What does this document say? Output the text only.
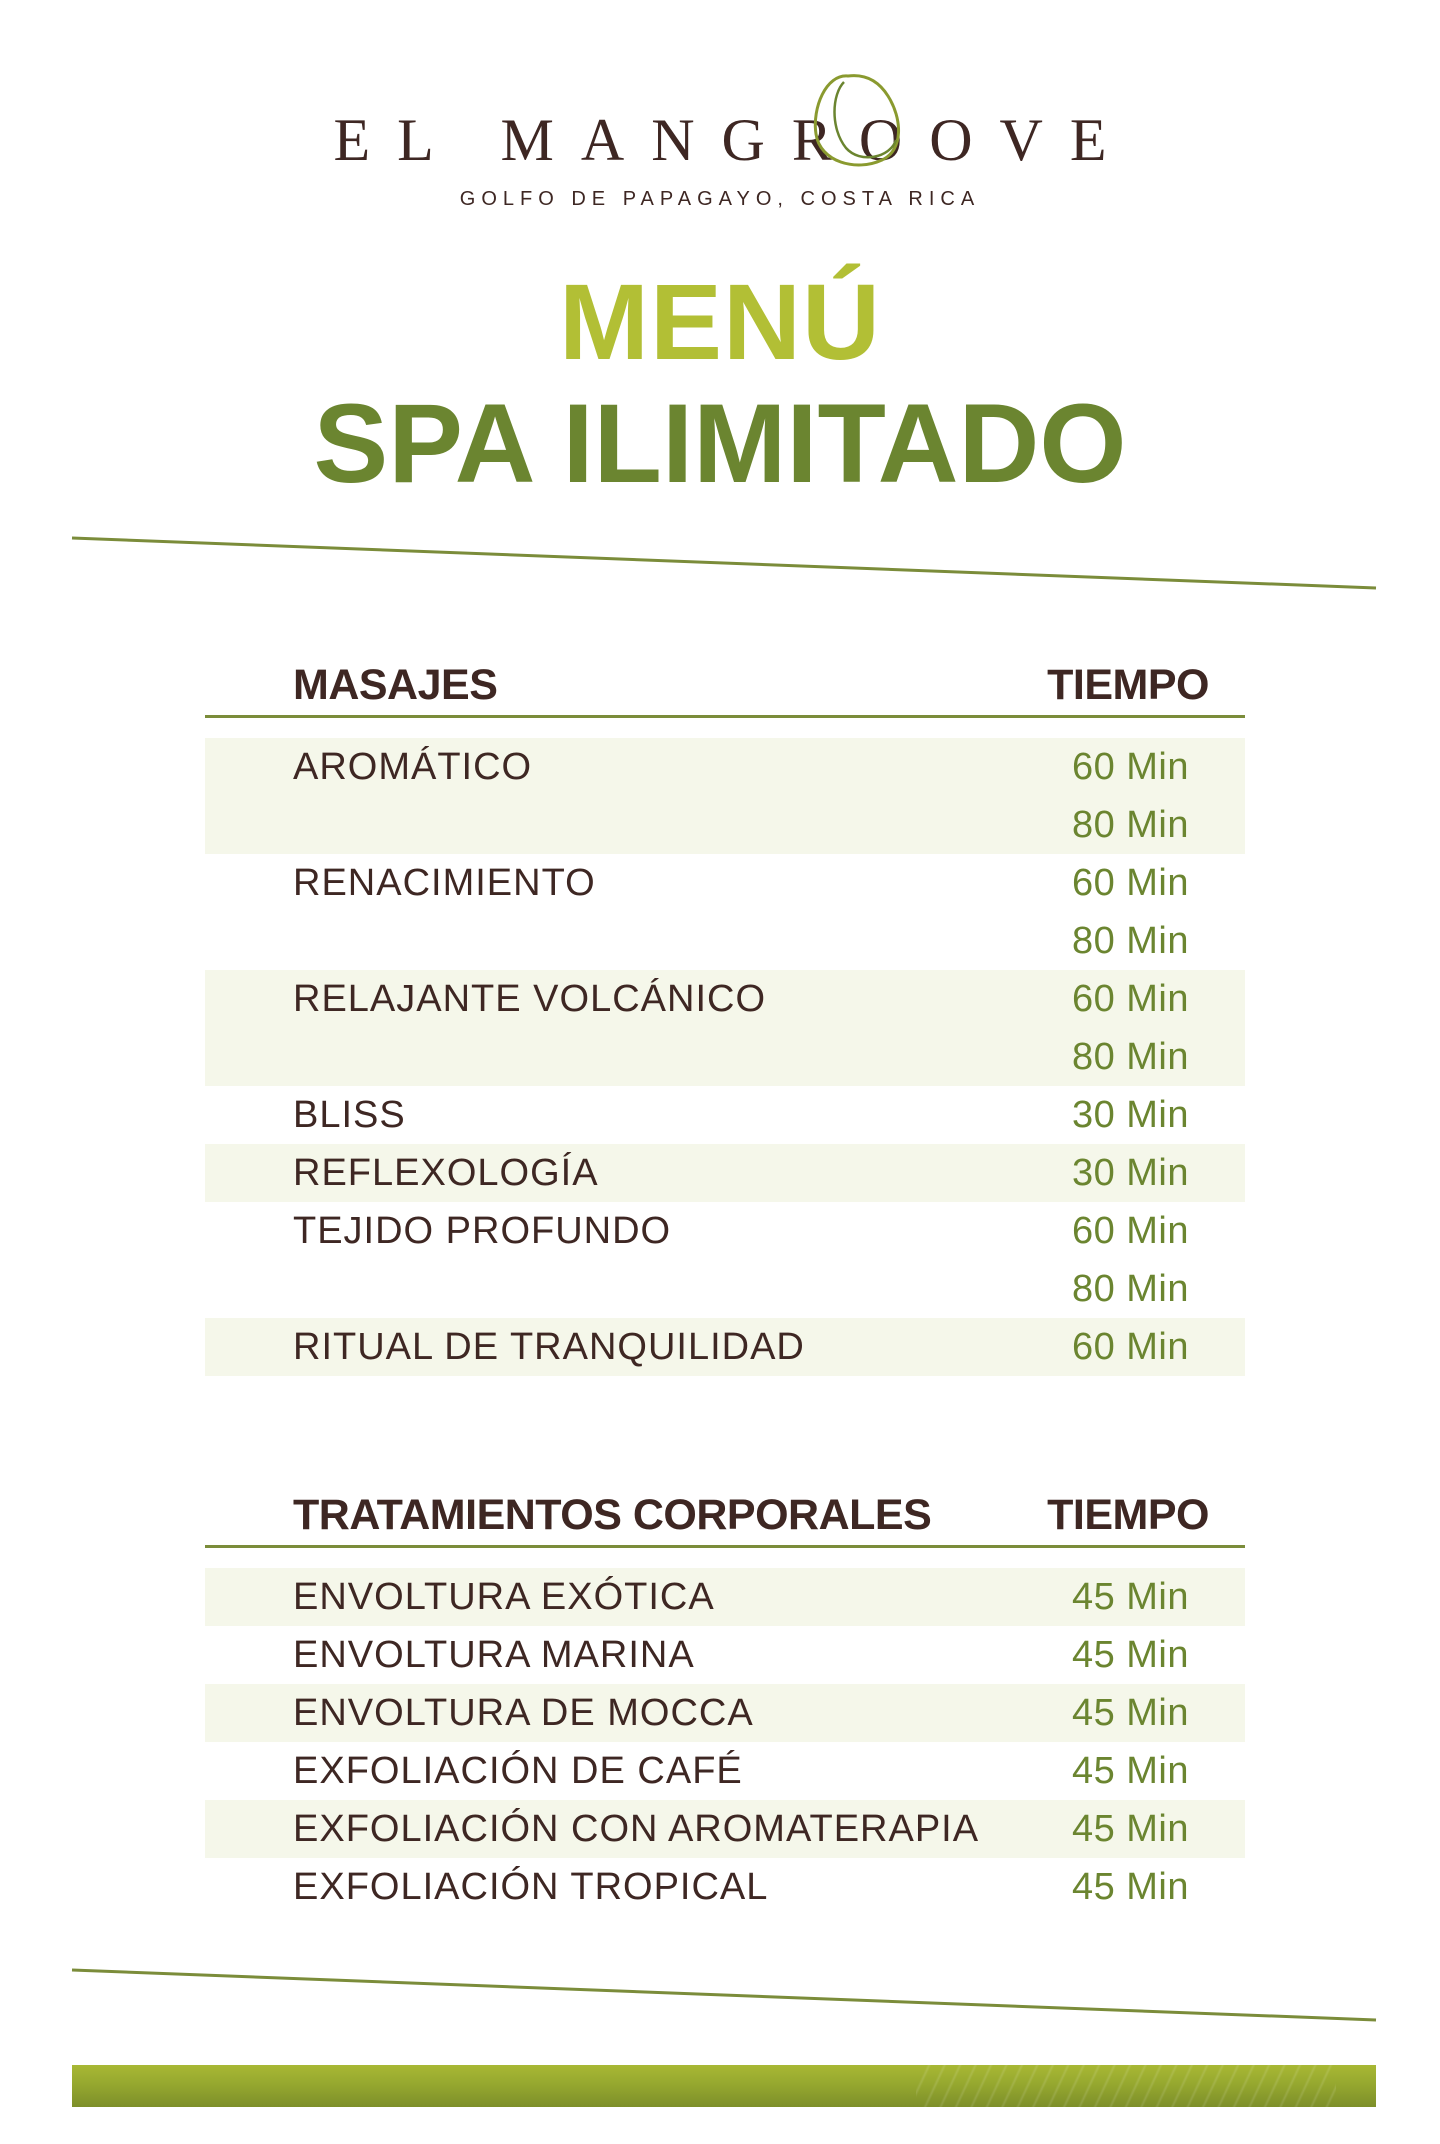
EL MANGROOVE
GOLFO DE PAPAGAYO, COSTA RICA
MENÚ
SPA ILIMITADO
MASAJES	TIEMPO
AROMÁTICO	60 Min
80 Min
RENACIMIENTO	60 Min
80 Min
RELAJANTE VOLCÁNICO	60 Min
80 Min
BLISS	30 Min
REFLEXOLOGÍA	30 Min
TEJIDO PROFUNDO	60 Min
80 Min
RITUAL DE TRANQUILIDAD	60 Min
TRATAMIENTOS CORPORALES	TIEMPO
ENVOLTURA EXÓTICA	45 Min
ENVOLTURA MARINA	45 Min
ENVOLTURA DE MOCCA	45 Min
EXFOLIACIÓN DE CAFÉ	45 Min
EXFOLIACIÓN CON AROMATERAPIA	45 Min
EXFOLIACIÓN TROPICAL	45 Min
